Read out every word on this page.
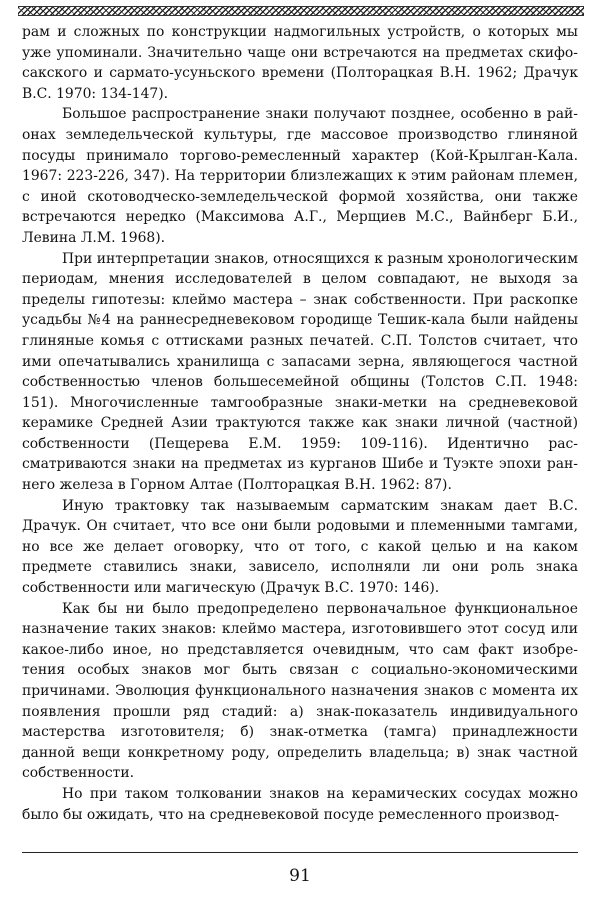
рам и сложных по конструкции надмогильных устройств, о которых мы уже упоминали. Значительно чаще они встречаются на предметах скифо-сакского и сармато-усуньского времени (Полторацкая В.Н. 1962; Драчук В.С. 1970: 134-147).

Большое распространение знаки получают позднее, особенно в районах земледельческой культуры, где массовое производство глиняной посуды принимало торгово-ремесленный характер (Кой-Крылган-Кала. 1967: 223-226, 347). На территории близлежащих к этим районам племен, с иной скотоводческо-земледельческой формой хозяйства, они также встречаются нередко (Максимова А.Г., Мерщиев М.С., Вайнберг Б.И., Левина Л.М. 1968).

При интерпретации знаков, относящихся к разным хронологическим периодам, мнения исследователей в целом совпадают, не выходя за пределы гипотезы: клеймо мастера – знак собственности. При раскопке усадьбы №4 на раннесредневековом городище Тешик-кала были найдены глиняные комья с оттисками разных печатей. С.П. Толстов считает, что ими опечатывались хранилища с запасами зерна, являющегося частной собственностью членов большесемейной общины (Толстов С.П. 1948: 151). Многочисленные тамгообразные знаки-метки на средневековой керамике Средней Азии трактуются также как знаки личной (частной) собственности (Пещерева Е.М. 1959: 109-116). Идентично рассматриваются знаки на предметах из курганов Шибе и Туэкте эпохи раннего железа в Горном Алтае (Полторацкая В.Н. 1962: 87).

Иную трактовку так называемым сарматским знакам дает В.С. Драчук. Он считает, что все они были родовыми и племенными тамгами, но все же делает оговорку, что от того, с какой целью и на каком предмете ставились знаки, зависело, исполняли ли они роль знака собственности или магическую (Драчук В.С. 1970: 146).

Как бы ни было предопределено первоначальное функциональное назначение таких знаков: клеймо мастера, изготовившего этот сосуд или какое-либо иное, но представляется очевидным, что сам факт изобретения особых знаков мог быть связан с социально-экономическими причинами. Эволюция функционального назначения знаков с момента их появления прошли ряд стадий: а) знак-показатель индивидуального мастерства изготовителя; б) знак-отметка (тамга) принадлежности данной вещи конкретному роду, определить владельца; в) знак частной собственности.

Но при таком толковании знаков на керамических сосудах можно было бы ожидать, что на средневековой посуде ремесленного производ-

91
